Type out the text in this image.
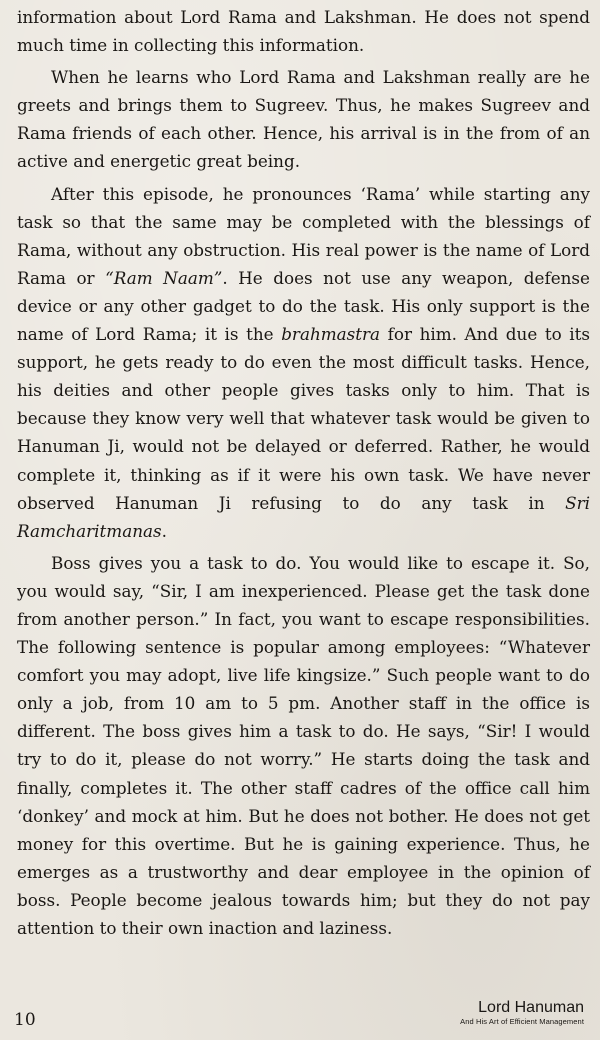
information about Lord Rama and Lakshman. He does not spend much time in collecting this information.

When he learns who Lord Rama and Lakshman really are he greets and brings them to Sugreev. Thus, he makes Sugreev and Rama friends of each other. Hence, his arrival is in the from of an active and energetic great being.

After this episode, he pronounces ‘Rama’ while starting any task so that the same may be completed with the blessings of Rama, without any obstruction. His real power is the name of Lord Rama or “Ram Naam”. He does not use any weapon, defense device or any other gadget to do the task. His only support is the name of Lord Rama; it is the brahmastra for him. And due to its support, he gets ready to do even the most difficult tasks. Hence, his deities and other people gives tasks only to him. That is because they know very well that whatever task would be given to Hanuman Ji, would not be delayed or deferred. Rather, he would complete it, thinking as if it were his own task. We have never observed Hanuman Ji refusing to do any task in Sri Ramcharitmanas.

Boss gives you a task to do. You would like to escape it. So, you would say, “Sir, I am inexperienced. Please get the task done from another person.” In fact, you want to escape responsibilities. The following sentence is popular among employees: “Whatever comfort you may adopt, live life kingsize.” Such people want to do only a job, from 10 am to 5 pm. Another staff in the office is different. The boss gives him a task to do. He says, “Sir! I would try to do it, please do not worry.” He starts doing the task and finally, completes it. The other staff cadres of the office call him ‘donkey’ and mock at him. But he does not bother. He does not get money for this overtime. But he is gaining experience. Thus, he emerges as a trustworthy and dear employee in the opinion of boss. People become jealous towards him; but they do not pay attention to their own inaction and laziness.

10
Lord Hanuman
And His Art of Efficient Management
